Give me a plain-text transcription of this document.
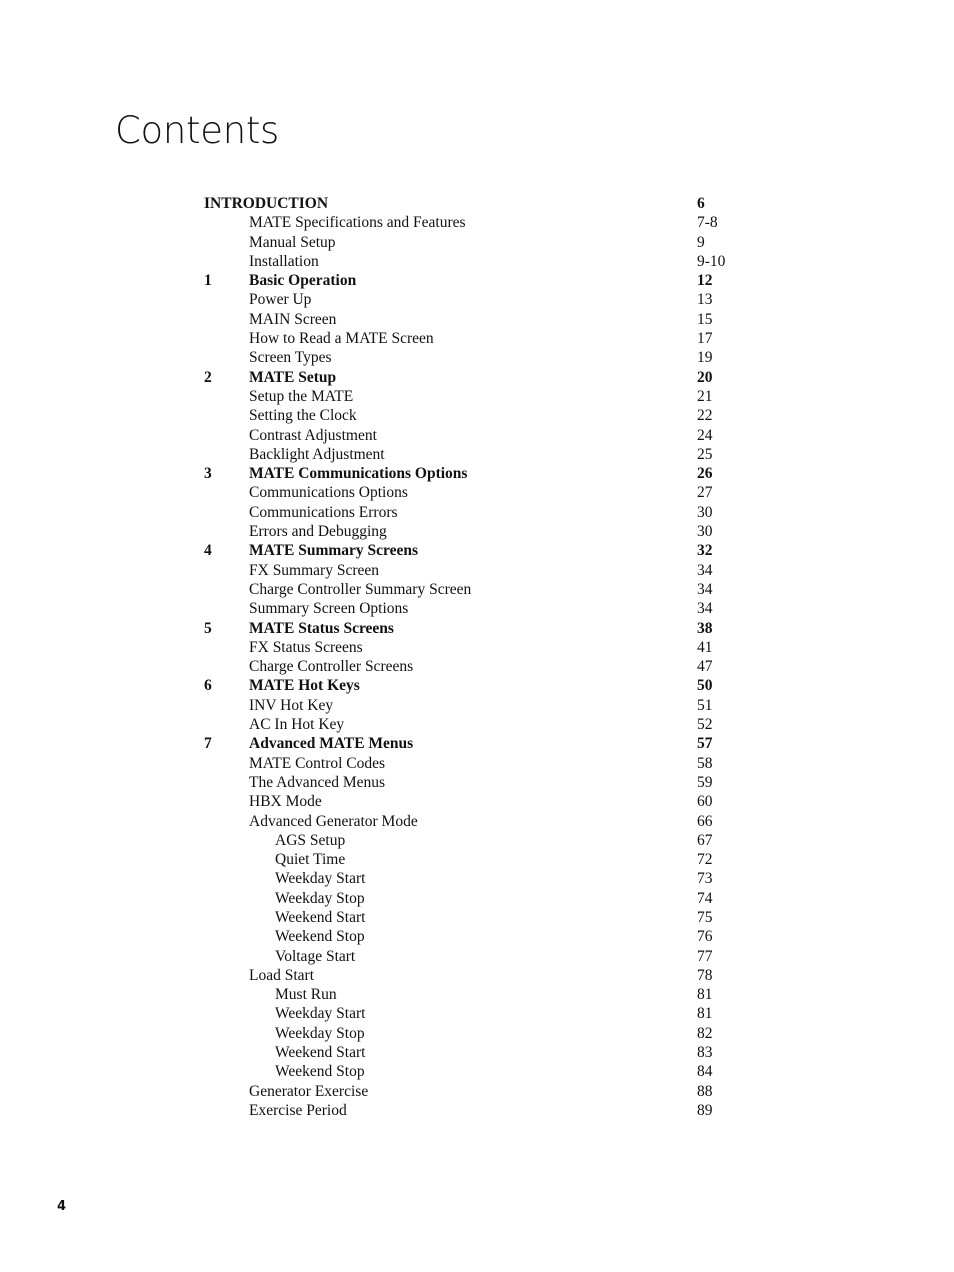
Contents
INTRODUCTION	6
MATE Specifications and Features	7-8
Manual Setup	9
Installation	9-10
1 Basic Operation	12
Power Up	13
MAIN Screen	15
How to Read a MATE Screen	17
Screen Types	19
2 MATE Setup	20
Setup the MATE	21
Setting the Clock	22
Contrast Adjustment	24
Backlight Adjustment	25
3 MATE Communications Options	26
Communications Options	27
Communications Errors	30
Errors and Debugging	30
4 MATE Summary Screens	32
FX Summary Screen	34
Charge Controller Summary Screen	34
Summary Screen Options	34
5 MATE Status Screens	38
FX Status Screens	41
Charge Controller Screens	47
6 MATE Hot Keys	50
INV Hot Key	51
AC In Hot Key	52
7 Advanced MATE Menus	57
MATE Control Codes	58
The Advanced Menus	59
HBX Mode	60
Advanced Generator Mode	66
AGS Setup	67
Quiet Time	72
Weekday Start	73
Weekday Stop	74
Weekend Start	75
Weekend Stop	76
Voltage Start	77
Load Start	78
Must Run	81
Weekday Start	81
Weekday Stop	82
Weekend Start	83
Weekend Stop	84
Generator Exercise	88
Exercise Period	89
4
